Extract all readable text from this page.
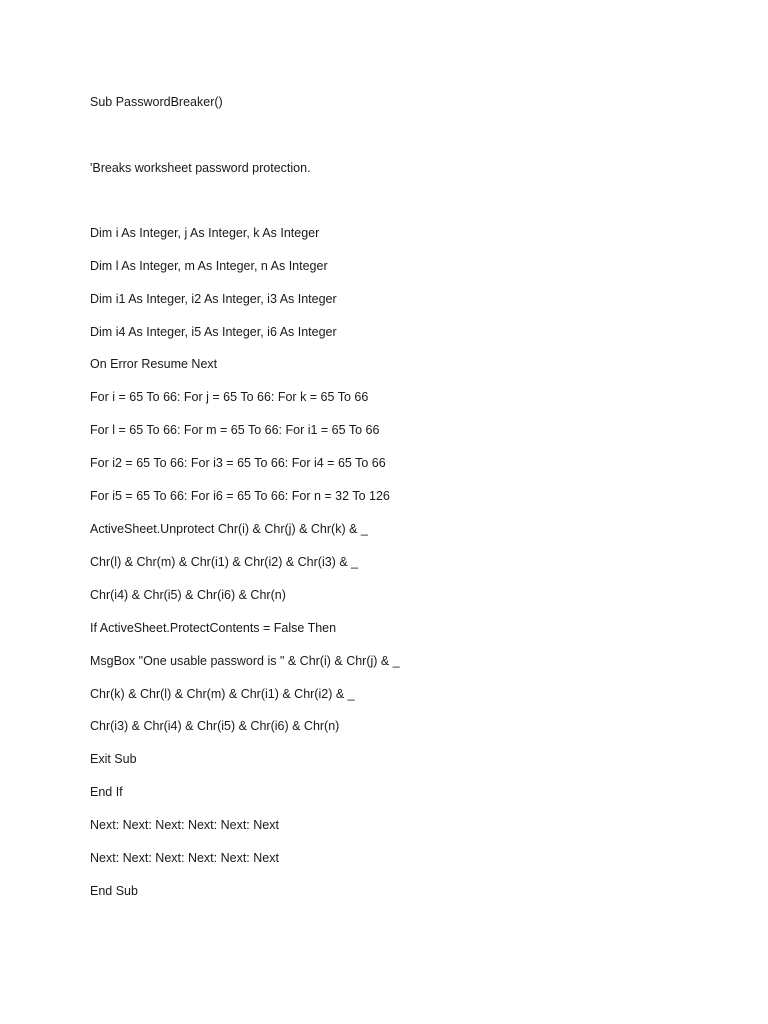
Sub PasswordBreaker()
'Breaks worksheet password protection.
Dim i As Integer, j As Integer, k As Integer
Dim l As Integer, m As Integer, n As Integer
Dim i1 As Integer, i2 As Integer, i3 As Integer
Dim i4 As Integer, i5 As Integer, i6 As Integer
On Error Resume Next
For i = 65 To 66: For j = 65 To 66: For k = 65 To 66
For l = 65 To 66: For m = 65 To 66: For i1 = 65 To 66
For i2 = 65 To 66: For i3 = 65 To 66: For i4 = 65 To 66
For i5 = 65 To 66: For i6 = 65 To 66: For n = 32 To 126
ActiveSheet.Unprotect Chr(i) & Chr(j) & Chr(k) & _
Chr(l) & Chr(m) & Chr(i1) & Chr(i2) & Chr(i3) & _
Chr(i4) & Chr(i5) & Chr(i6) & Chr(n)
If ActiveSheet.ProtectContents = False Then
MsgBox "One usable password is " & Chr(i) & Chr(j) & _
Chr(k) & Chr(l) & Chr(m) & Chr(i1) & Chr(i2) & _
Chr(i3) & Chr(i4) & Chr(i5) & Chr(i6) & Chr(n)
Exit Sub
End If
Next: Next: Next: Next: Next: Next
Next: Next: Next: Next: Next: Next
End Sub
